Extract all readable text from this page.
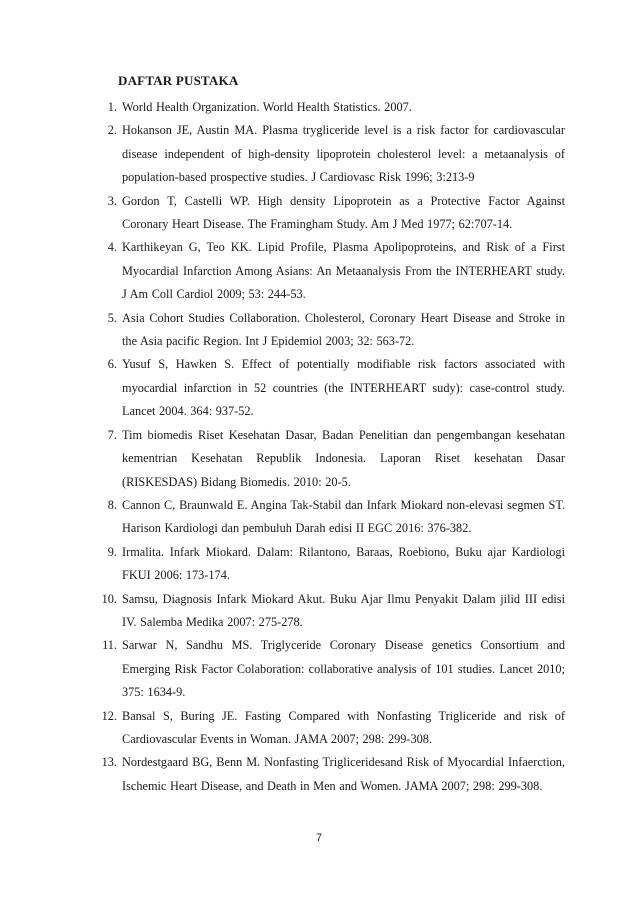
DAFTAR PUSTAKA
1. World Health Organization. World Health Statistics. 2007.
2. Hokanson JE, Austin MA. Plasma trygliceride level is a risk factor for cardiovascular disease independent of high-density lipoprotein cholesterol level: a metaanalysis of population-based prospective studies. J Cardiovasc Risk 1996; 3:213-9
3. Gordon T, Castelli WP. High density Lipoprotein as a Protective Factor Against Coronary Heart Disease. The Framingham Study. Am J Med 1977; 62:707-14.
4. Karthikeyan G, Teo KK. Lipid Profile, Plasma Apolipoproteins, and Risk of a First Myocardial Infarction Among Asians: An Metaanalysis From the INTERHEART study. J Am Coll Cardiol 2009; 53: 244-53.
5. Asia Cohort Studies Collaboration. Cholesterol, Coronary Heart Disease and Stroke in the Asia pacific Region. Int J Epidemiol 2003; 32: 563-72.
6. Yusuf S, Hawken S. Effect of potentially modifiable risk factors associated with myocardial infarction in 52 countries (the INTERHEART sudy): case-control study. Lancet 2004. 364: 937-52.
7. Tim biomedis Riset Kesehatan Dasar, Badan Penelitian dan pengembangan kesehatan kementrian Kesehatan Republik Indonesia. Laporan Riset kesehatan Dasar (RISKESDAS) Bidang Biomedis. 2010: 20-5.
8. Cannon C, Braunwald E. Angina Tak-Stabil dan Infark Miokard non-elevasi segmen ST. Harison Kardiologi dan pembuluh Darah edisi II EGC 2016: 376-382.
9. Irmalita. Infark Miokard. Dalam: Rilantono, Baraas, Roebiono, Buku ajar Kardiologi FKUI 2006: 173-174.
10. Samsu, Diagnosis Infark Miokard Akut. Buku Ajar Ilmu Penyakit Dalam jilid III edisi IV. Salemba Medika 2007: 275-278.
11. Sarwar N, Sandhu MS. Triglyceride Coronary Disease genetics Consortium and Emerging Risk Factor Colaboration: collaborative analysis of 101 studies. Lancet 2010; 375: 1634-9.
12. Bansal S, Buring JE. Fasting Compared with Nonfasting Trigliceride and risk of Cardiovascular Events in Woman. JAMA 2007; 298: 299-308.
13. Nordestgaard BG, Benn M. Nonfasting Trigliceridesand Risk of Myocardial Infaerction, Ischemic Heart Disease, and Death in Men and Women. JAMA 2007; 298: 299-308.
7
